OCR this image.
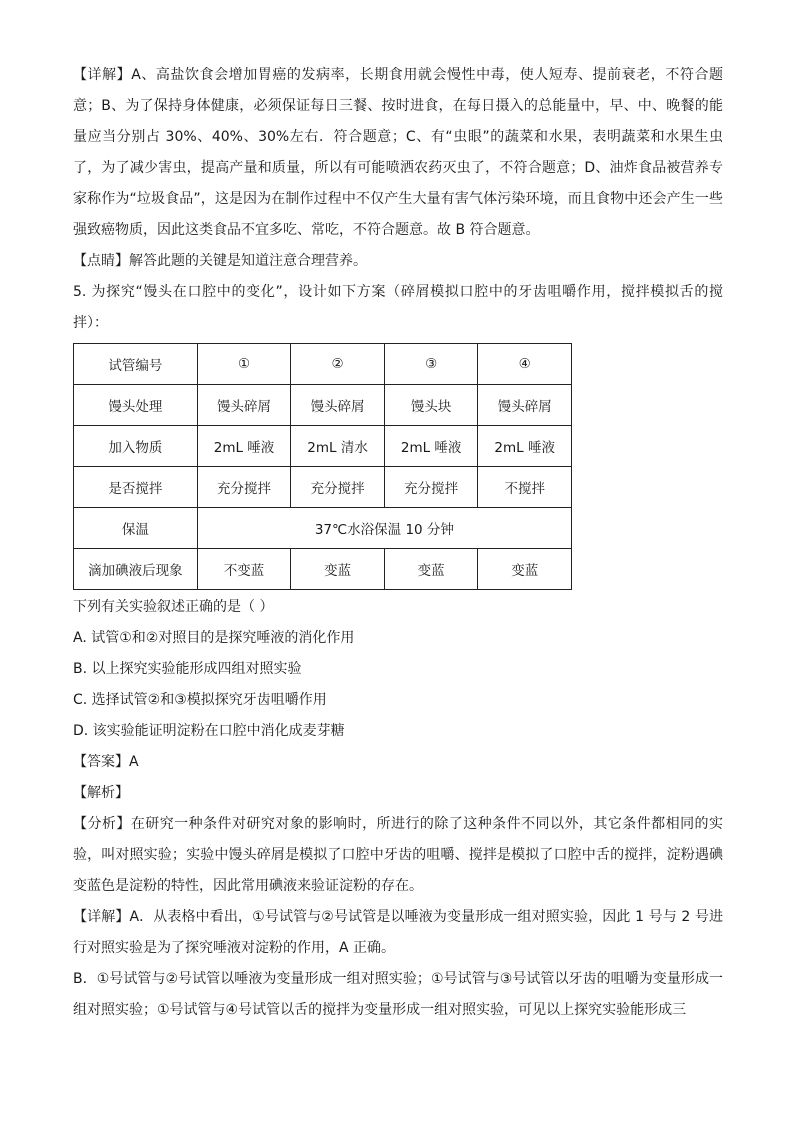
【详解】A、高盐饮食会增加胃癌的发病率，长期食用就会慢性中毒，使人短寿、提前衰老，不符合题意；B、为了保持身体健康，必须保证每日三餐、按时进食，在每日摄入的总能量中，早、中、晚餐的能量应当分别占 30%、40%、30%左右．符合题意；C、有“虫眼”的蔬菜和水果，表明蔬菜和水果生虫了，为了减少害虫，提高产量和质量，所以有可能喷洒农药灭虫了，不符合题意；D、油炸食品被营养专家称作为“垃圾食品”，这是因为在制作过程中不仅产生大量有害气体污染环境，而且食物中还会产生一些强致癌物质，因此这类食品不宜多吃、常吃，不符合题意。故 B 符合题意。

【点睛】解答此题的关键是知道注意合理营养。

5. 为探究“馒头在口腔中的变化”，设计如下方案（碎屑模拟口腔中的牙齿咀嚼作用，搅拌模拟舌的搅拌）：

试管编号	①	②	③	④
馒头处理	馒头碎屑	馒头碎屑	馒头块	馒头碎屑
加入物质	2mL 唾液	2mL 清水	2mL 唾液	2mL 唾液
是否搅拌	充分搅拌	充分搅拌	充分搅拌	不搅拌
保温	37℃水浴保温 10 分钟			
滴加碘液后现象	不变蓝	变蓝	变蓝	变蓝

下列有关实验叙述正确的是（ ）

A. 试管①和②对照目的是探究唾液的消化作用

B. 以上探究实验能形成四组对照实验

C. 选择试管②和③模拟探究牙齿咀嚼作用

D. 该实验能证明淀粉在口腔中消化成麦芽糖

【答案】A

【解析】

【分析】在研究一种条件对研究对象的影响时，所进行的除了这种条件不同以外，其它条件都相同的实验，叫对照实验；实验中馒头碎屑是模拟了口腔中牙齿的咀嚼、搅拌是模拟了口腔中舌的搅拌，淀粉遇碘变蓝色是淀粉的特性，因此常用碘液来验证淀粉的存在。

【详解】A．从表格中看出，①号试管与②号试管是以唾液为变量形成一组对照实验，因此 1 号与 2 号进行对照实验是为了探究唾液对淀粉的作用，A 正确。

B．①号试管与②号试管以唾液为变量形成一组对照实验；①号试管与③号试管以牙齿的咀嚼为变量形成一组对照实验；①号试管与④号试管以舌的搅拌为变量形成一组对照实验，可见以上探究实验能形成三
